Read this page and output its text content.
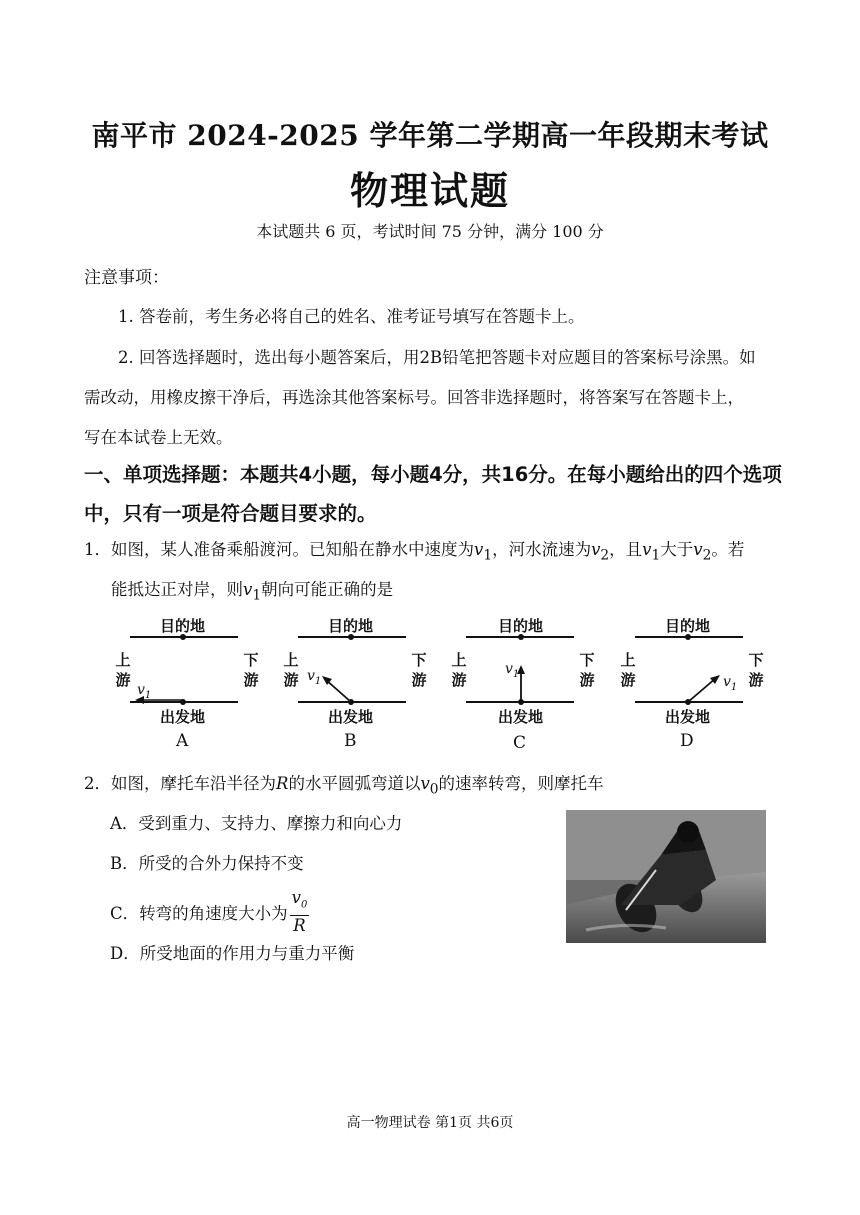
南平市 2024-2025 学年第二学期高一年段期末考试
物理试题
本试题共 6 页，考试时间 75 分钟，满分 100 分
注意事项：
1. 答卷前，考生务必将自己的姓名、准考证号填写在答题卡上。
2. 回答选择题时，选出每小题答案后，用2B铅笔把答题卡对应题目的答案标号涂黑。如
需改动，用橡皮擦干净后，再选涂其他答案标号。回答非选择题时，将答案写在答题卡上，
写在本试卷上无效。
一、单项选择题：本题共4小题，每小题4分，共16分。在每小题给出的四个选项
中，只有一项是符合题目要求的。
1．如图，某人准备乘船渡河。已知船在静水中速度为$v_1$，河水流速为$v_2$，且$v_1$大于$v_2$。若
能抵达正对岸，则$v_1$朝向可能正确的是
目的地
出发地
上
游
下
游
$v_1$
A
目的地
出发地
上
游
下
游
$v_1$
B
目的地
出发地
上
游
下
游
$v_1$
C
目的地
出发地
上
游
下
游
$v_1$
D
2．如图，摩托车沿半径为R的水平圆弧弯道以$v_0$的速率转弯，则摩托车
A．受到重力、支持力、摩擦力和向心力
B．所受的合外力保持不变
C．转弯的角速度大小为 $\frac{v_0}{R}$
D．所受地面的作用力与重力平衡
高一物理试卷 第1页 共6页
